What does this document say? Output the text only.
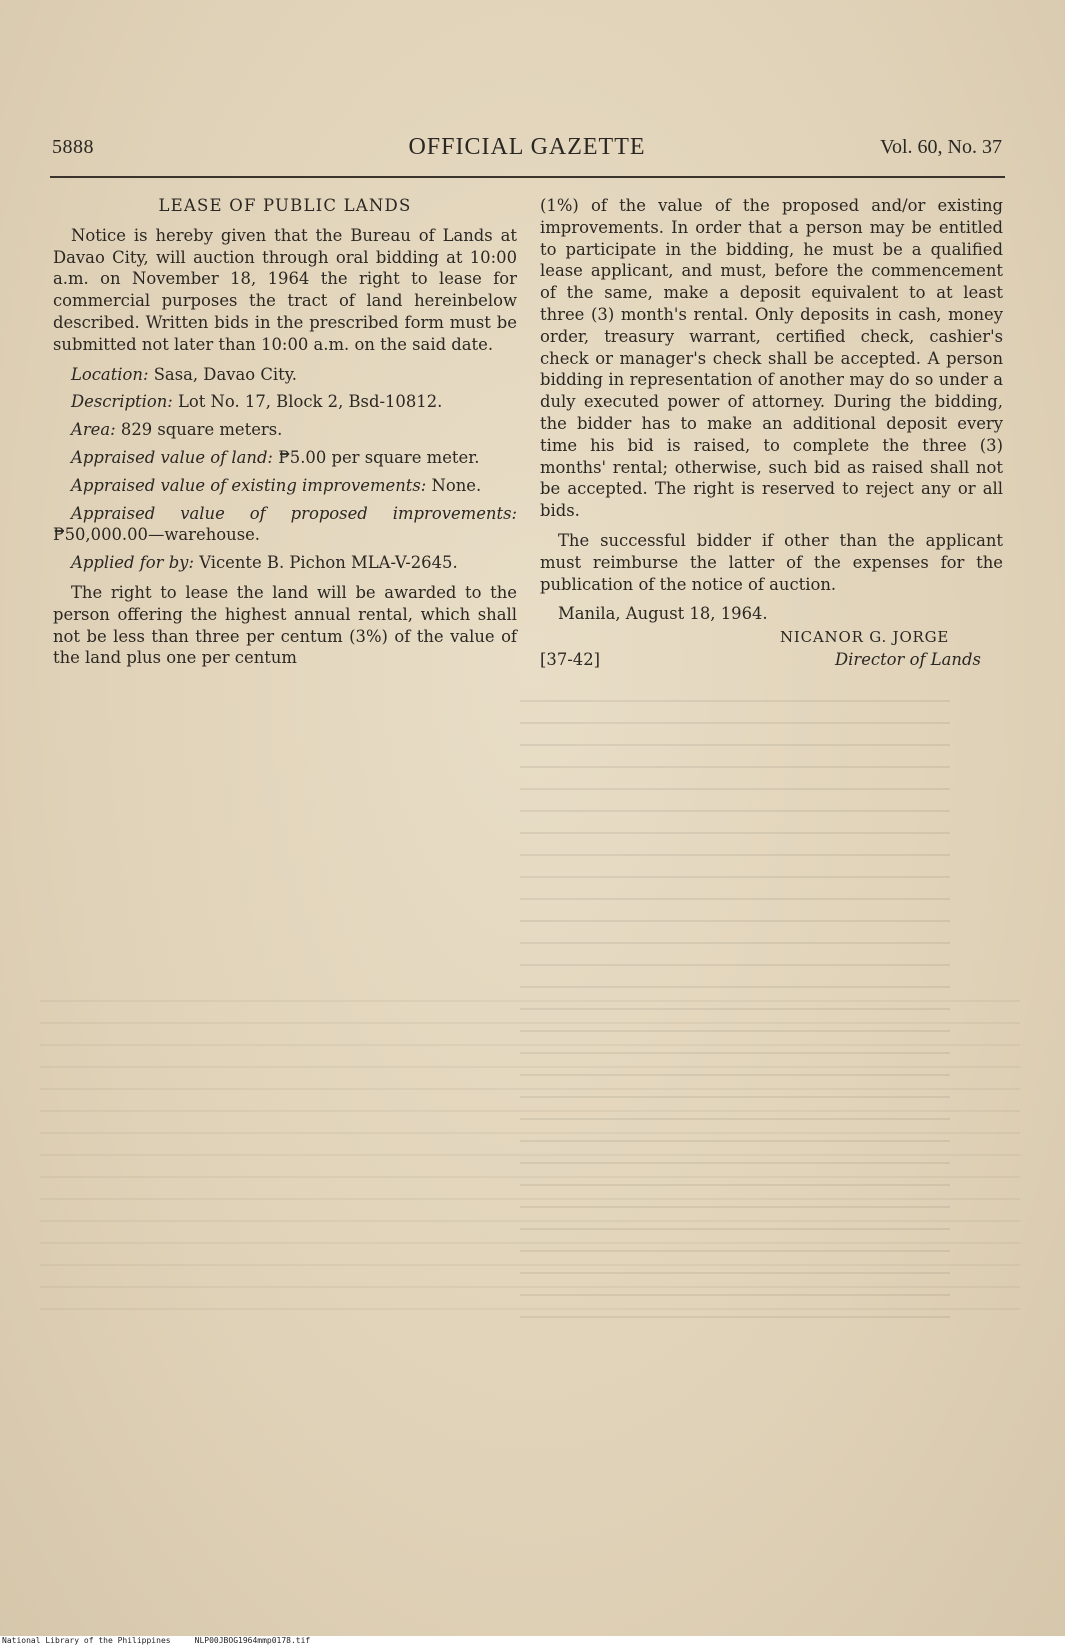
5888	OFFICIAL GAZETTE	Vol. 60, No. 37

LEASE OF PUBLIC LANDS

Notice is hereby given that the Bureau of Lands at Davao City, will auction through oral bidding at 10:00 a.m. on November 18, 1964 the right to lease for commercial purposes the tract of land hereinbelow described. Written bids in the prescribed form must be submitted not later than 10:00 a.m. on the said date.

Location: Sasa, Davao City.

Description: Lot No. 17, Block 2, Bsd-10812.

Area: 829 square meters.

Appraised value of land: ₱5.00 per square meter.

Appraised value of existing improvements: None.

Appraised value of proposed improvements: ₱50,000.00—warehouse.

Applied for by: Vicente B. Pichon MLA-V-2645.

The right to lease the land will be awarded to the person offering the highest annual rental, which shall not be less than three per centum (3%) of the value of the land plus one per centum

(1%) of the value of the proposed and/or existing improvements. In order that a person may be entitled to participate in the bidding, he must be a qualified lease applicant, and must, before the commencement of the same, make a deposit equivalent to at least three (3) month's rental. Only deposits in cash, money order, treasury warrant, certified check, cashier's check or manager's check shall be accepted. A person bidding in representation of another may do so under a duly executed power of attorney. During the bidding, the bidder has to make an additional deposit every time his bid is raised, to complete the three (3) months' rental; otherwise, such bid as raised shall not be accepted. The right is reserved to reject any or all bids.

The successful bidder if other than the applicant must reimburse the latter of the expenses for the publication of the notice of auction.

Manila, August 18, 1964.

NICANOR G. JORGE
[37-42]	Director of Lands
National Library of the Philippines     NLP00JBOG1964mmp0178.tif
